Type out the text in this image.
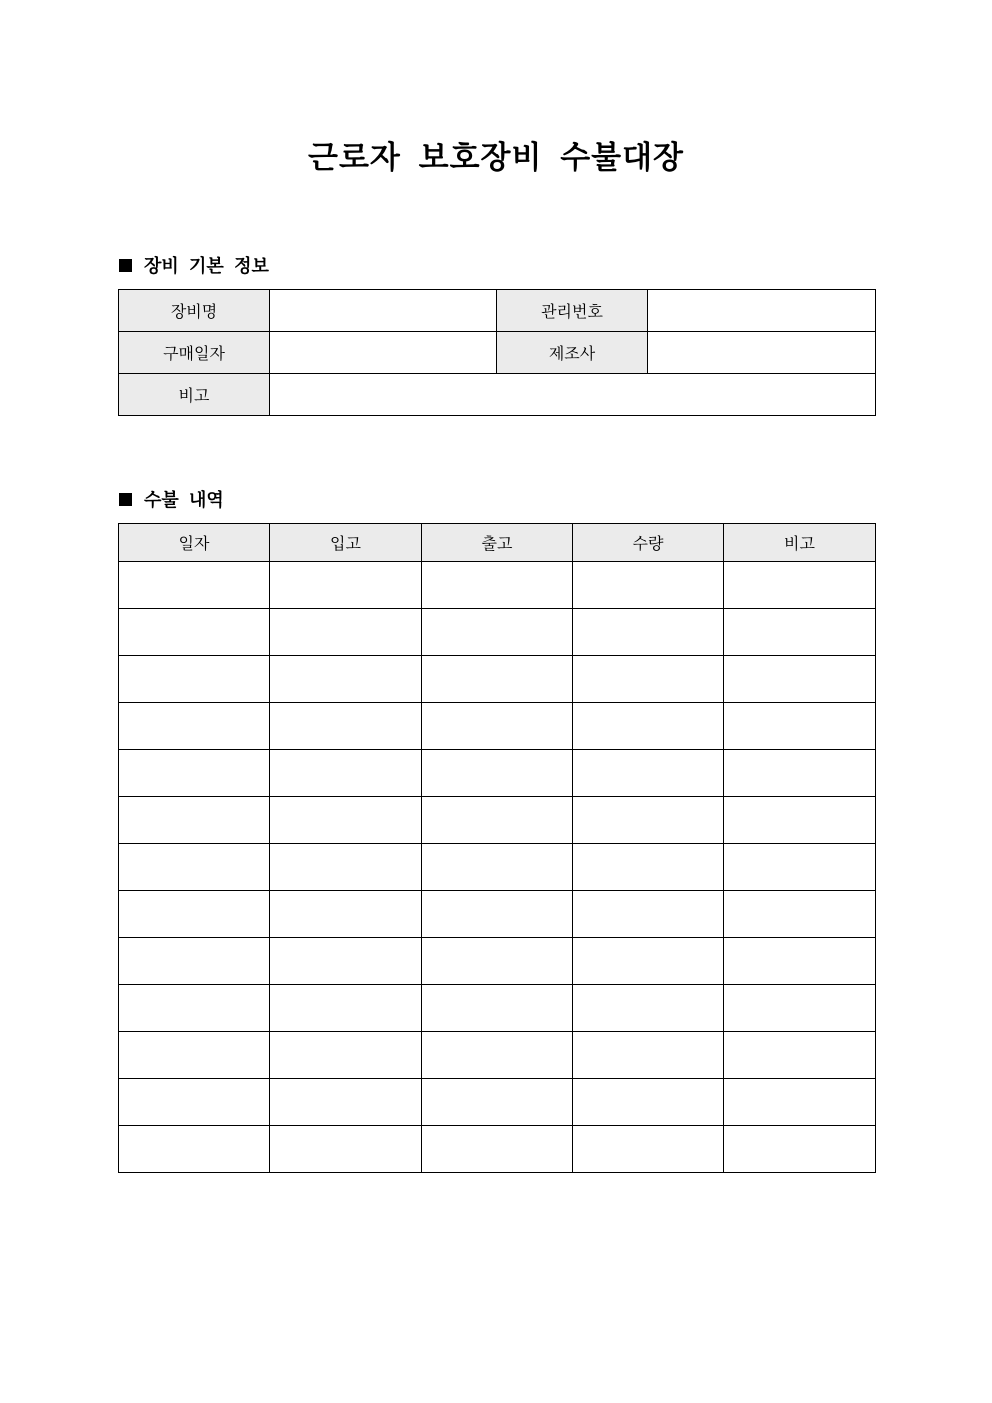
근로자 보호장비 수불대장
장비 기본 정보
장비명		관리번호	
구매일자		제조사	
비고			
수불 내역
일자	입고	출고	수량	비고
